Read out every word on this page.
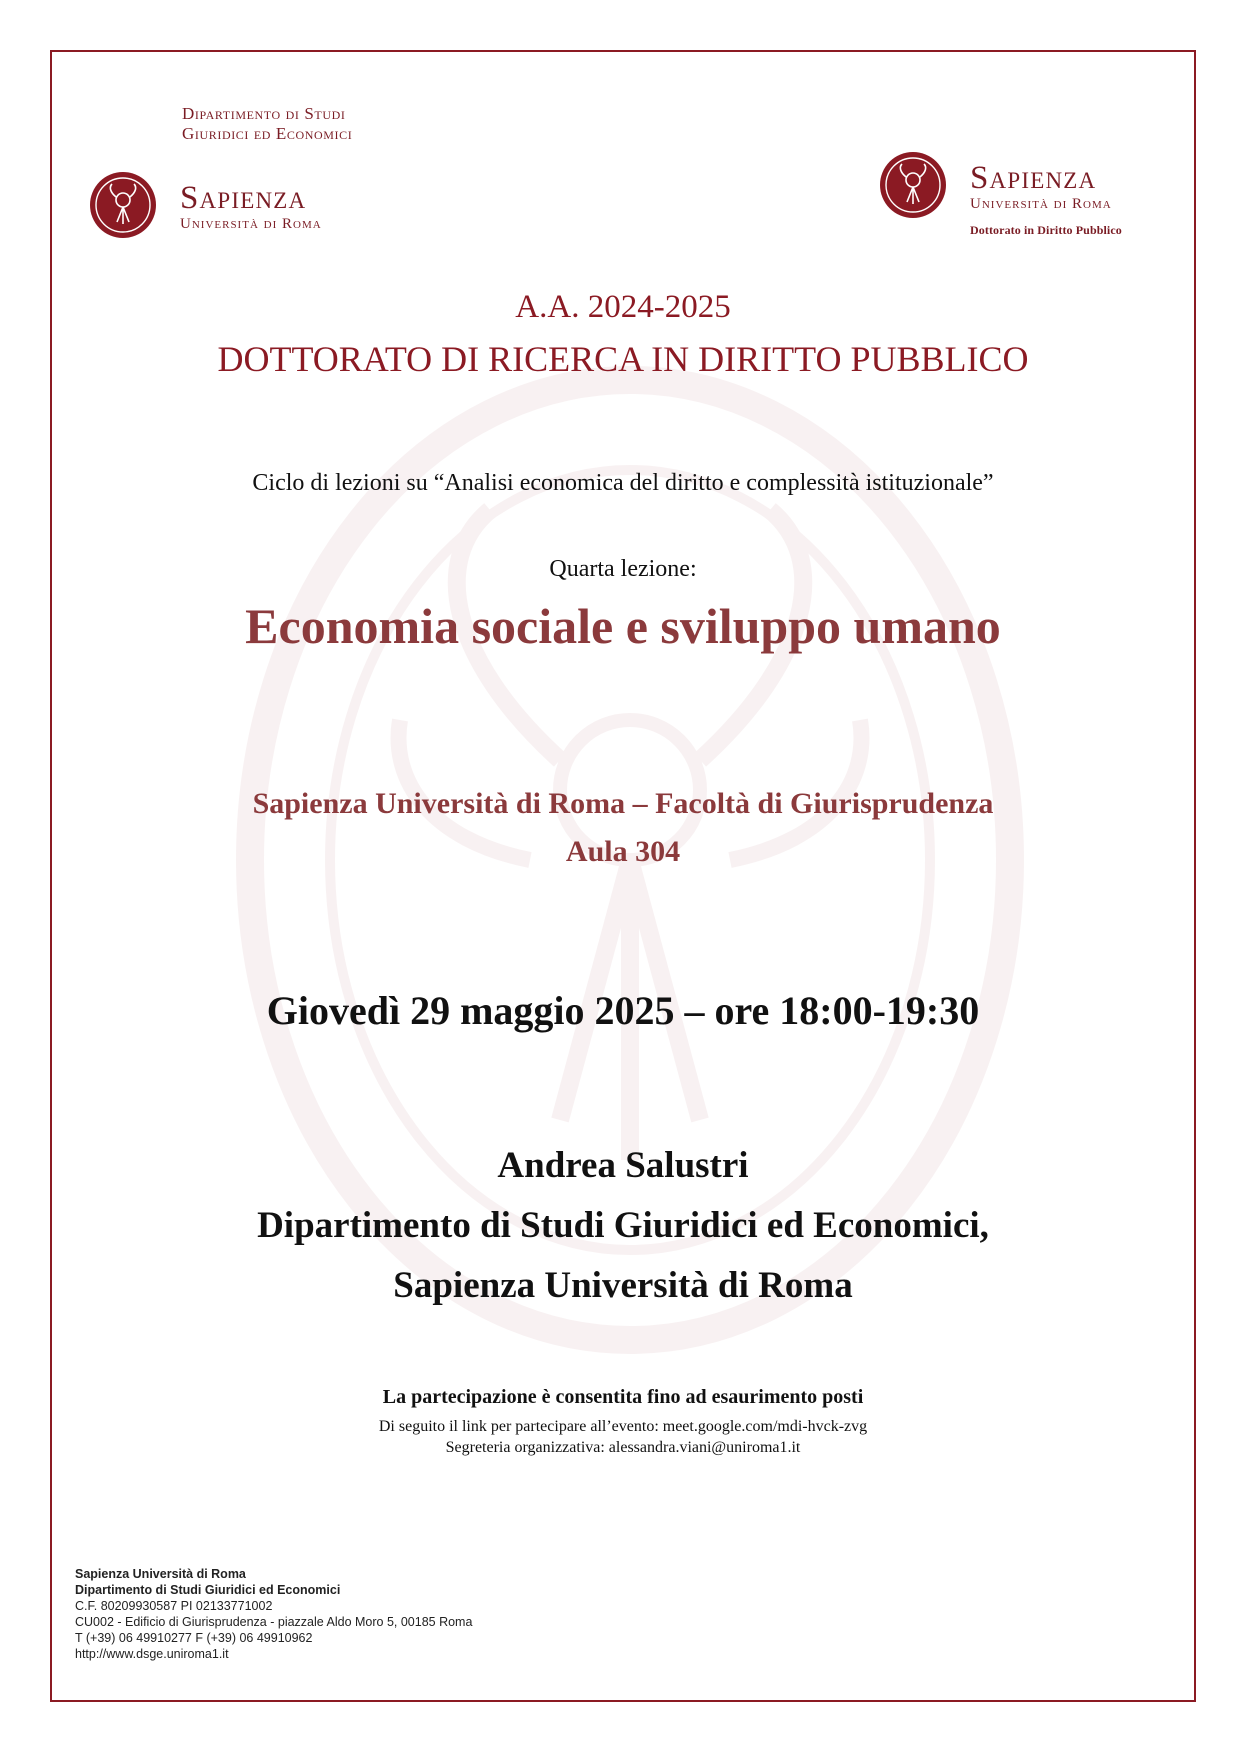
Dipartimento di Studi
Giuridici ed Economici
Sapienza
Università di Roma
Sapienza
Università di Roma
Dottorato in Diritto Pubblico
A.A. 2024-2025
DOTTORATO DI RICERCA IN DIRITTO PUBBLICO
Ciclo di lezioni su “Analisi economica del diritto e complessità istituzionale”
Quarta lezione:
Economia sociale e sviluppo umano
Sapienza Università di Roma – Facoltà di Giurisprudenza
Aula 304
Giovedì 29 maggio 2025 – ore 18:00-19:30
Andrea Salustri
Dipartimento di Studi Giuridici ed Economici,
Sapienza Università di Roma
La partecipazione è consentita fino ad esaurimento posti
Di seguito il link per partecipare all’evento: meet.google.com/mdi-hvck-zvg
Segreteria organizzativa: alessandra.viani@uniroma1.it
Sapienza Università di Roma
Dipartimento di Studi Giuridici ed Economici
C.F. 80209930587 PI 02133771002
CU002 - Edificio di Giurisprudenza - piazzale Aldo Moro 5, 00185 Roma
T (+39) 06 49910277 F (+39) 06 49910962
http://www.dsge.uniroma1.it
